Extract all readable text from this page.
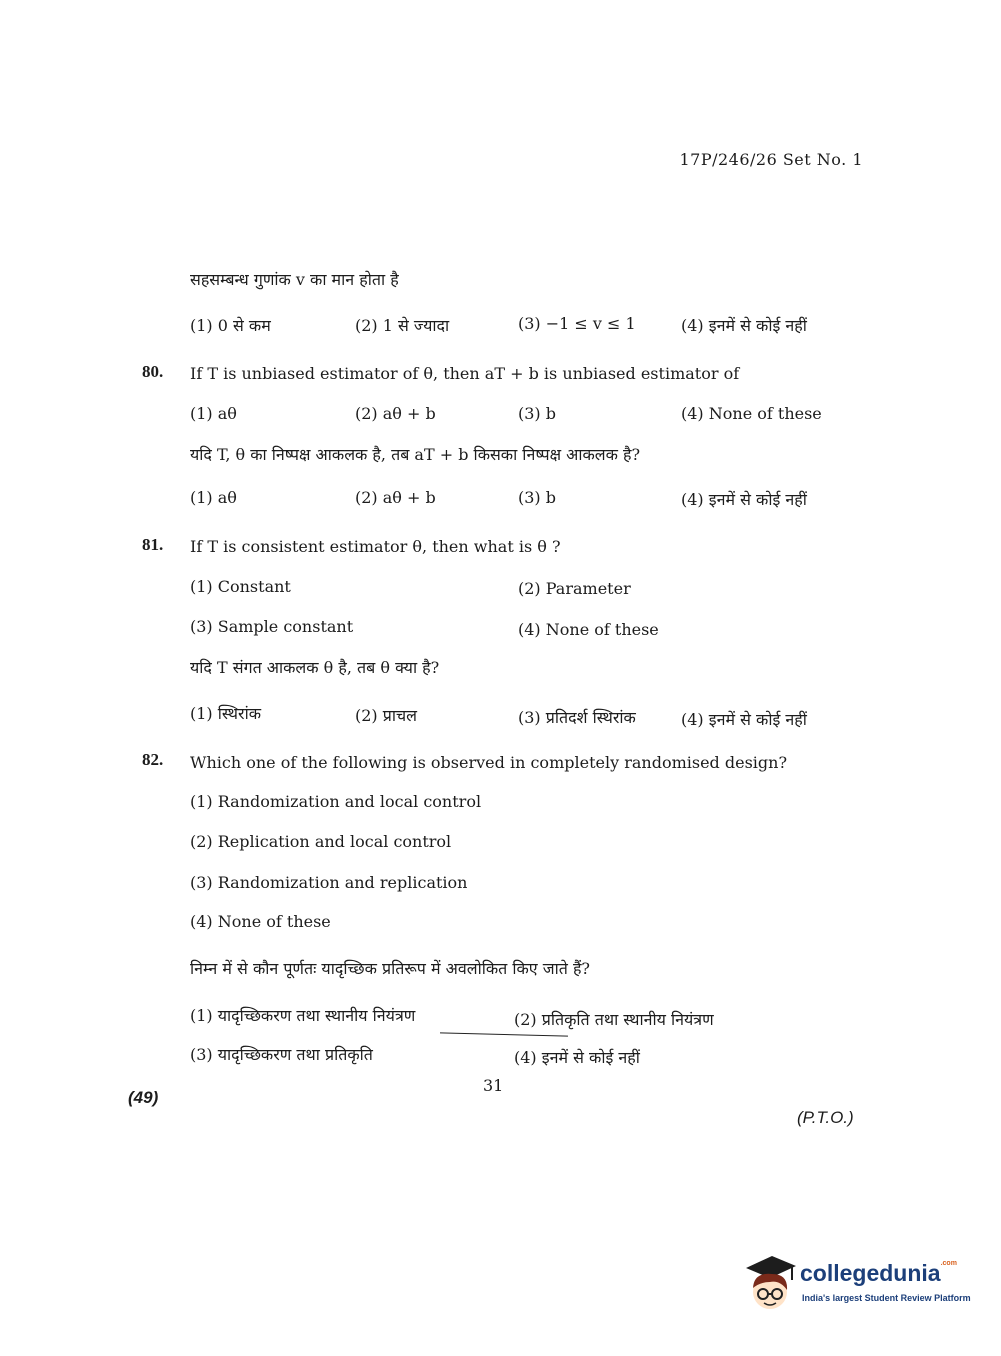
17P/246/26 Set No. 1
सहसम्बन्ध गुणांक v का मान होता है
(1) 0 से कम	(2) 1 से ज्यादा	(3) −1 ≤ v ≤ 1	(4) इनमें से कोई नहीं
80. If T is unbiased estimator of θ, then aT + b is unbiased estimator of
(1) aθ	(2) aθ + b	(3) b	(4) None of these
यदि T, θ का निष्पक्ष आकलक है, तब aT + b किसका निष्पक्ष आकलक है?
(1) aθ	(2) aθ + b	(3) b	(4) इनमें से कोई नहीं
81. If T is consistent estimator θ, then what is θ ?
(1) Constant	(2) Parameter
(3) Sample constant	(4) None of these
यदि T संगत आकलक θ है, तब θ क्या है?
(1) स्थिरांक	(2) प्राचल	(3) प्रतिदर्श स्थिरांक	(4) इनमें से कोई नहीं
82. Which one of the following is observed in completely randomised design?
(1) Randomization and local control
(2) Replication and local control
(3) Randomization and replication
(4) None of these
निम्न में से कौन पूर्णतः यादृच्छिक प्रतिरूप में अवलोकित किए जाते हैं?
(1) यादृच्छिकरण तथा स्थानीय नियंत्रण	(2) प्रतिकृति तथा स्थानीय नियंत्रण
(3) यादृच्छिकरण तथा प्रतिकृति	(4) इनमें से कोई नहीं
(49)
31
(P.T.O.)
collegedunia$^{.com}$
India's largest Student Review Platform
